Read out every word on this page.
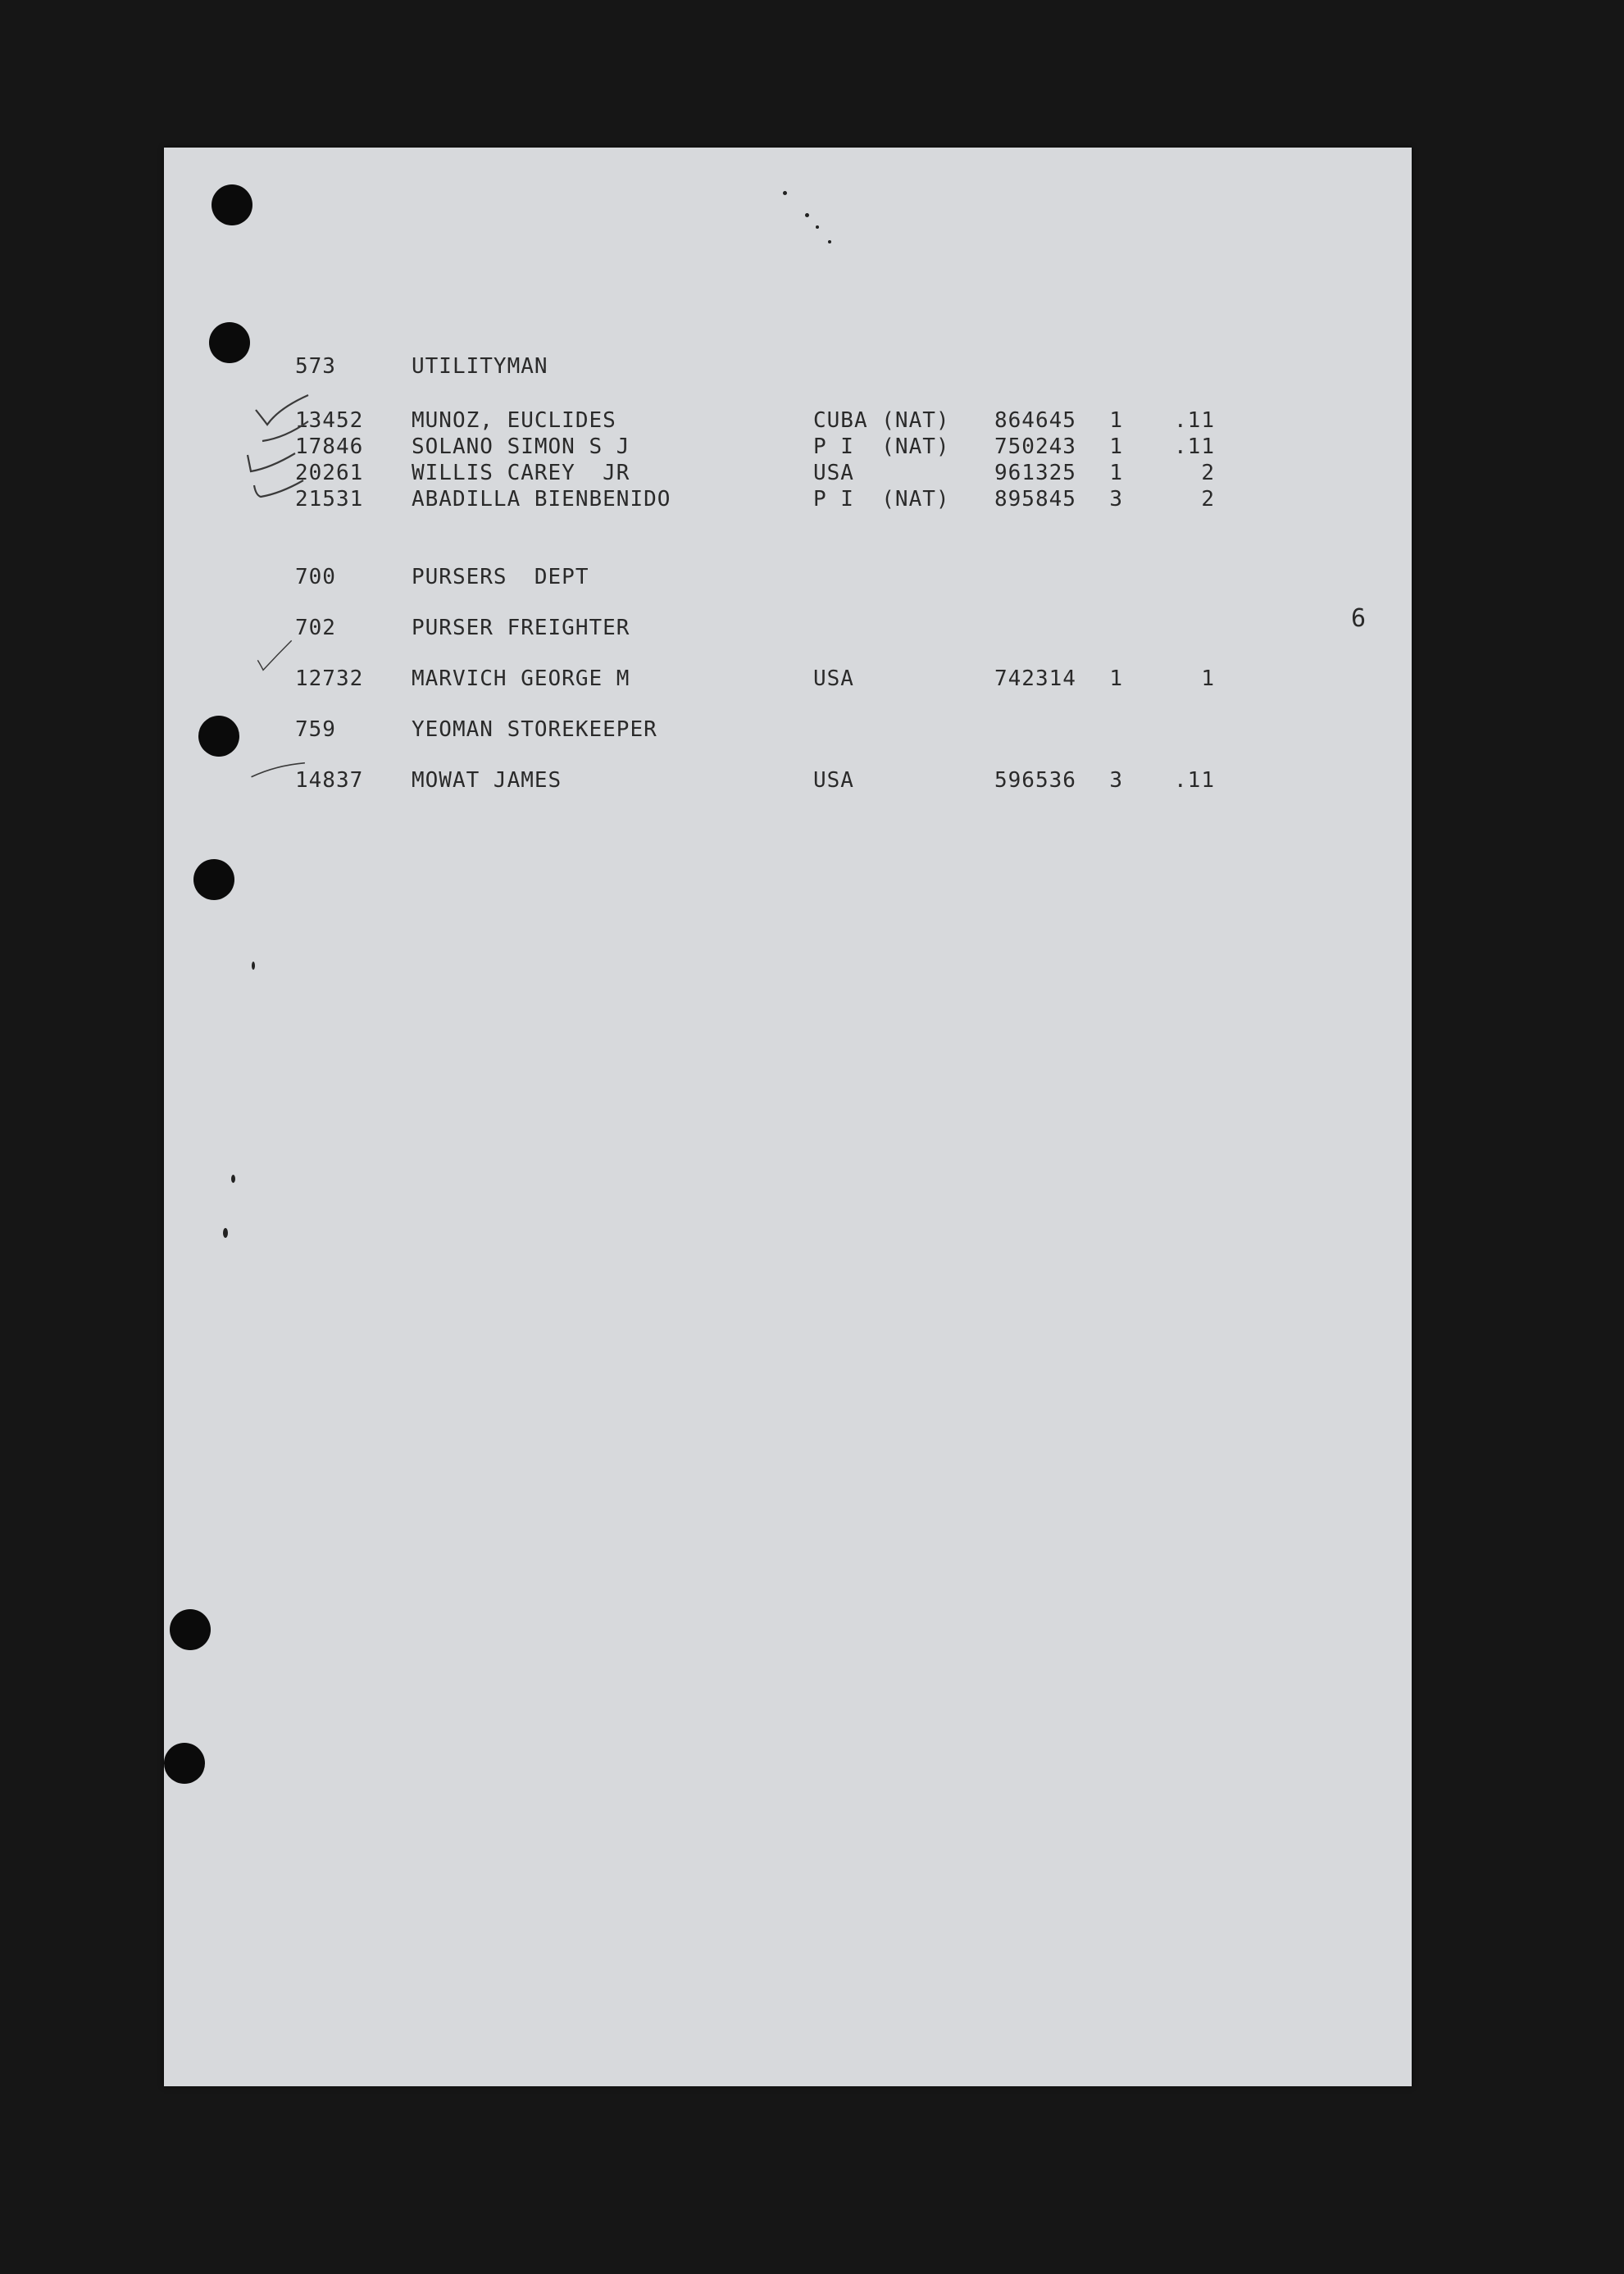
573	UTILITYMAN
13452 MUNOZ, EUCLIDES	CUBA (NAT) 864645	1	.11
17846 SOLANO SIMON S J	P I  (NAT) 750243	1	.11
20261 WILLIS CAREY  JR	USA	961325	1	2
21531 ABADILLA BIENBENIDO	P I  (NAT) 895845	3	2
700	PURSERS  DEPT
702	PURSER FREIGHTER	6
12732 MARVICH GEORGE M	USA	742314	1	1
759	YEOMAN STOREKEEPER
14837 MOWAT JAMES	USA	596536	3	.11
